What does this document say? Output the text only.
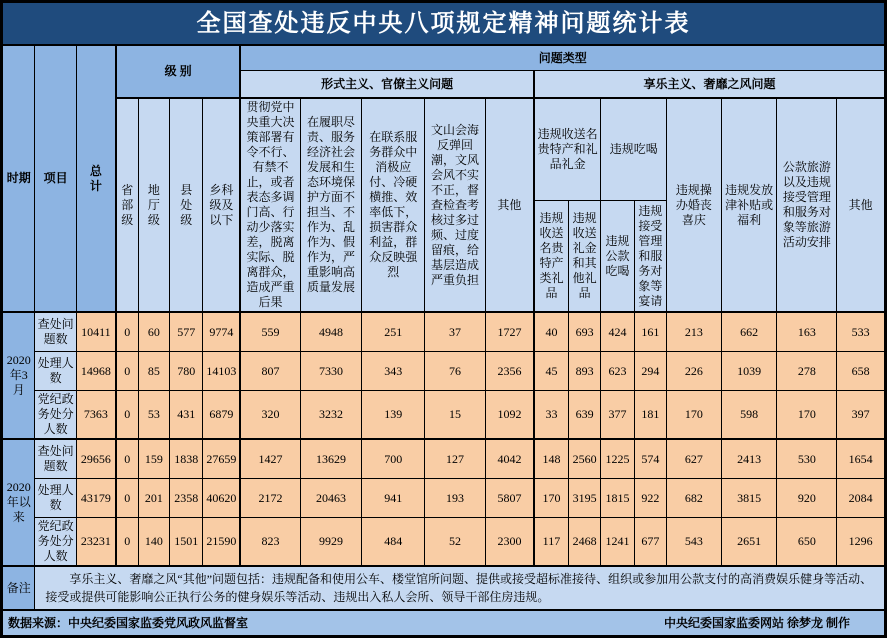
全国查处违反中央八项规定精神问题统计表																			
时期	项目	总计	级 别				问题类型												
							形式主义、官僚主义问题					享乐主义、奢靡之风问题							
			省部级	地厅级	县处级	乡科级及以下	贯彻党中央重大决策部署有令不行、有禁不止，或者表态多调门高、行动少落实差，脱离实际、脱离群众，造成严重后果	在履职尽责、服务经济社会发展和生态环境保护方面不担当、不作为、乱作为、假作为，严重影响高质量发展	在联系服务群众中消极应付、冷硬横推、效率低下，损害群众利益，群众反映强烈	文山会海反弹回潮，文风会风不实不正，督查检查考核过多过频、过度留痕，给基层造成严重负担	其他	违规收送名贵特产和礼品礼金		违规吃喝		违规操办婚丧喜庆	违规发放津补贴或福利	公款旅游以及违规接受管理和服务对象等旅游活动安排	其他
												违规收送名贵特产类礼品	违规收送礼金和其他礼品	违规公款吃喝	违规接受管理和服务对象等宴请				
2020年3月	查处问题数	10411	0	60	577	9774	559	4948	251	37	1727	40	693	424	161	213	662	163	533
	处理人数	14968	0	85	780	14103	807	7330	343	76	2356	45	893	623	294	226	1039	278	658
	党纪政务处分人数	7363	0	53	431	6879	320	3232	139	15	1092	33	639	377	181	170	598	170	397
2020年以来	查处问题数	29656	0	159	1838	27659	1427	13629	700	127	4042	148	2560	1225	574	627	2413	530	1654
	处理人数	43179	0	201	2358	40620	2172	20463	941	193	5807	170	3195	1815	922	682	3815	920	2084
	党纪政务处分人数	23231	0	140	1501	21590	823	9929	484	52	2300	117	2468	1241	677	543	2651	650	1296
备注	享乐主义、奢靡之风“其他”问题包括：违规配备和使用公车、楼堂馆所问题、提供或接受超标准接待、组织或参加用公款支付的高消费娱乐健身等活动、接受或提供可能影响公正执行公务的健身娱乐等活动、违规出入私人会所、领导干部住房违规。																		

数据来源：中央纪委国家监委党风政风监督室 中央纪委国家监委网站 徐梦龙 制作																			
